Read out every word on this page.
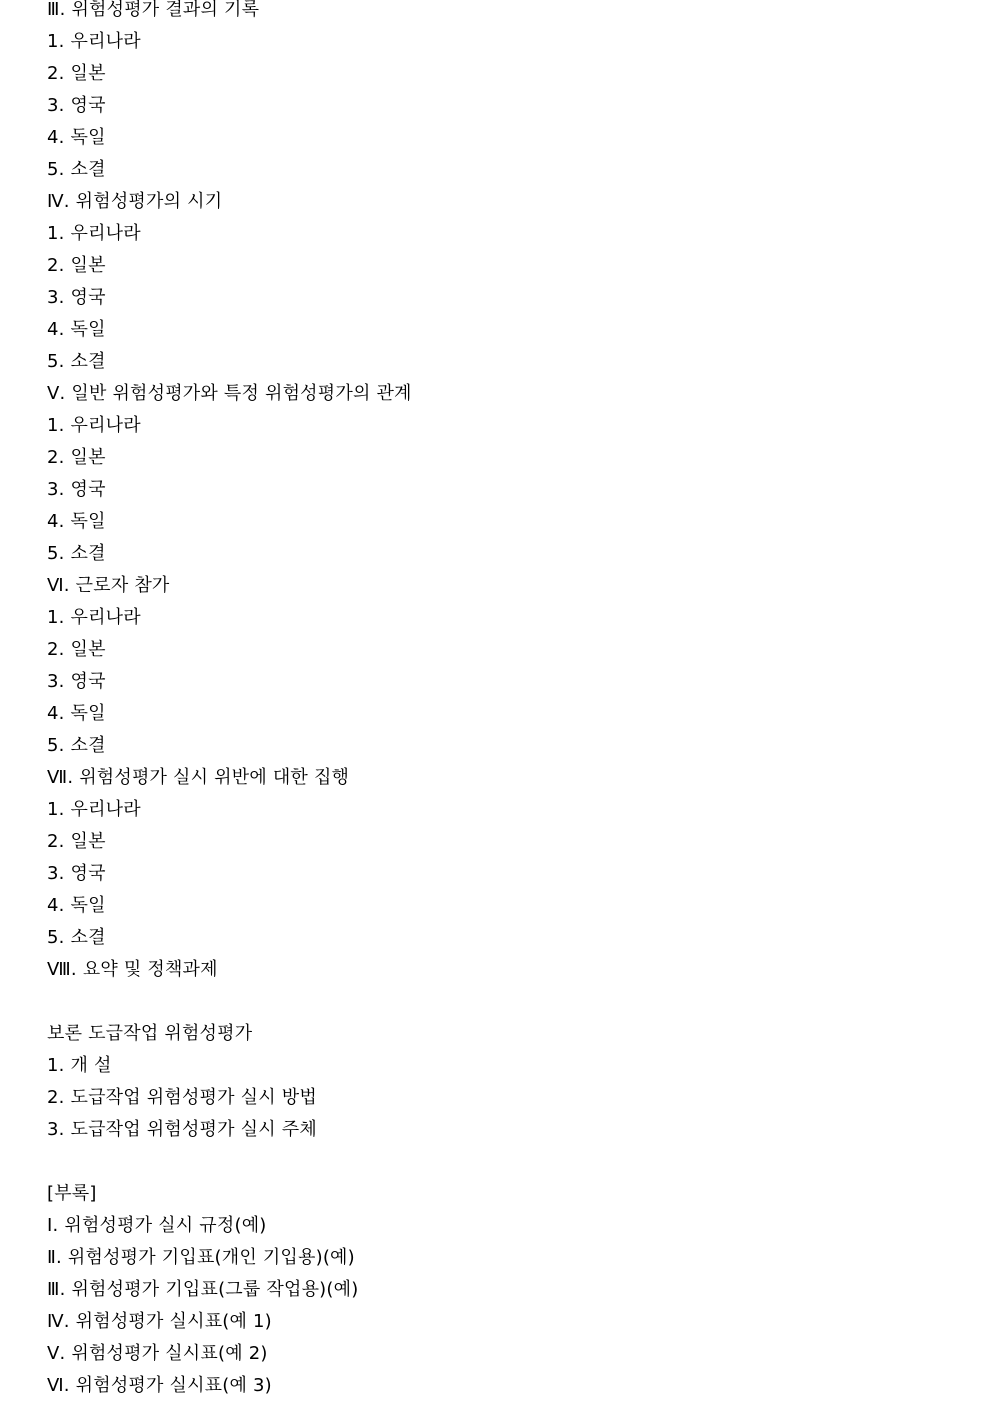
Ⅲ. 위험성평가 결과의 기록
1. 우리나라
2. 일본
3. 영국
4. 독일
5. 소결
Ⅳ. 위험성평가의 시기
1. 우리나라
2. 일본
3. 영국
4. 독일
5. 소결
Ⅴ. 일반 위험성평가와 특정 위험성평가의 관계
1. 우리나라
2. 일본
3. 영국
4. 독일
5. 소결
Ⅵ. 근로자 참가
1. 우리나라
2. 일본
3. 영국
4. 독일
5. 소결
Ⅶ. 위험성평가 실시 위반에 대한 집행
1. 우리나라
2. 일본
3. 영국
4. 독일
5. 소결
Ⅷ. 요약 및 정책과제
보론 도급작업 위험성평가
1. 개 설
2. 도급작업 위험성평가 실시 방법
3. 도급작업 위험성평가 실시 주체
[부록]
Ⅰ. 위험성평가 실시 규정(예)
Ⅱ. 위험성평가 기입표(개인 기입용)(예)
Ⅲ. 위험성평가 기입표(그룹 작업용)(예)
Ⅳ. 위험성평가 실시표(예 1)
Ⅴ. 위험성평가 실시표(예 2)
Ⅵ. 위험성평가 실시표(예 3)
